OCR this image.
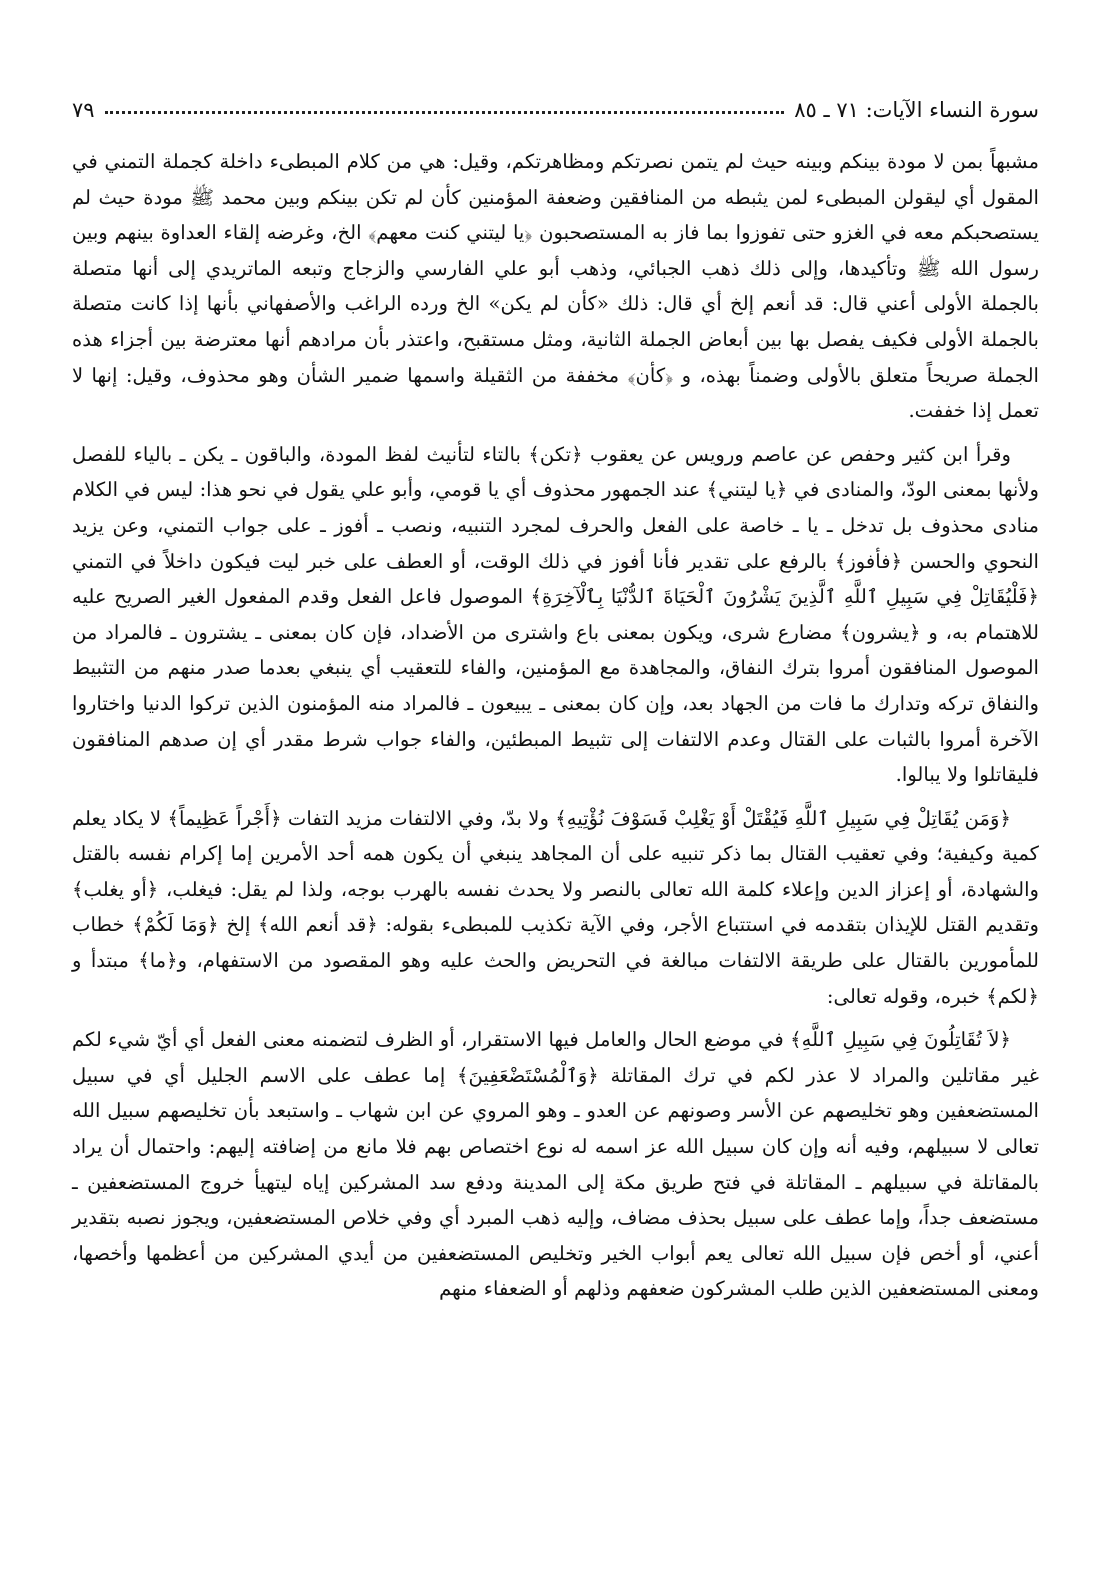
سورة النساء الآيات: ٧١ ـ ٨٥
٧٩

مشبهاً بمن لا مودة بينكم وبينه حيث لم يتمن نصرتكم ومظاهرتكم، وقيل: هي من كلام المبطىء داخلة كجملة التمني في المقول أي ليقولن المبطىء لمن يثبطه من المنافقين وضعفة المؤمنين كأن لم تكن بينكم وبين محمد ﷺ مودة حيث لم يستصحبكم معه في الغزو حتى تفوزوا بما فاز به المستصحبون ﴿يا ليتني كنت معهم﴾ الخ، وغرضه إلقاء العداوة بينهم وبين رسول الله ﷺ وتأكيدها، وإلى ذلك ذهب الجبائي، وذهب أبو علي الفارسي والزجاج وتبعه الماتريدي إلى أنها متصلة بالجملة الأولى أعني قال: قد أنعم إلخ أي قال: ذلك «كأن لم يكن» الخ ورده الراغب والأصفهاني بأنها إذا كانت متصلة بالجملة الأولى فكيف يفصل بها بين أبعاض الجملة الثانية، ومثل مستقبح، واعتذر بأن مرادهم أنها معترضة بين أجزاء هذه الجملة صريحاً متعلق بالأولى وضمناً بهذه، و ﴿كأن﴾ مخففة من الثقيلة واسمها ضمير الشأن وهو محذوف، وقيل: إنها لا تعمل إذا خففت.

وقرأ ابن كثير وحفص عن عاصم ورويس عن يعقوب ﴿تكن﴾ بالتاء لتأنيث لفظ المودة، والباقون ـ يكن ـ بالياء للفصل ولأنها بمعنى الودّ، والمنادى في ﴿يا ليتني﴾ عند الجمهور محذوف أي يا قومي، وأبو علي يقول في نحو هذا: ليس في الكلام منادى محذوف بل تدخل ـ يا ـ خاصة على الفعل والحرف لمجرد التنبيه، ونصب ـ أفوز ـ على جواب التمني، وعن يزيد النحوي والحسن ﴿فأفوز﴾ بالرفع على تقدير فأنا أفوز في ذلك الوقت، أو العطف على خبر ليت فيكون داخلاً في التمني ﴿فَلْيُقَاتِلْ فِي سَبِيلِ ٱللَّهِ ٱلَّذِينَ يَشْرُونَ ٱلْحَيَاةَ ٱلدُّنْيَا بِٱلْآخِرَةِ﴾ الموصول فاعل الفعل وقدم المفعول الغير الصريح عليه للاهتمام به، و ﴿يشرون﴾ مضارع شرى، ويكون بمعنى باع واشترى من الأضداد، فإن كان بمعنى ـ يشترون ـ فالمراد من الموصول المنافقون أمروا بترك النفاق، والمجاهدة مع المؤمنين، والفاء للتعقيب أي ينبغي بعدما صدر منهم من التثبيط والنفاق تركه وتدارك ما فات من الجهاد بعد، وإن كان بمعنى ـ يبيعون ـ فالمراد منه المؤمنون الذين تركوا الدنيا واختاروا الآخرة أمروا بالثبات على القتال وعدم الالتفات إلى تثبيط المبطئين، والفاء جواب شرط مقدر أي إن صدهم المنافقون فليقاتلوا ولا يبالوا.

﴿وَمَن يُقَاتِلْ فِي سَبِيلِ ٱللَّهِ فَيُقْتَلْ أَوْ يَغْلِبْ فَسَوْفَ نُؤْتِيهِ﴾ ولا بدّ، وفي الالتفات مزيد التفات ﴿أَجْراً عَظِيماً﴾ لا يكاد يعلم كمية وكيفية؛ وفي تعقيب القتال بما ذكر تنبيه على أن المجاهد ينبغي أن يكون همه أحد الأمرين إما إكرام نفسه بالقتل والشهادة، أو إعزاز الدين وإعلاء كلمة الله تعالى بالنصر ولا يحدث نفسه بالهرب بوجه، ولذا لم يقل: فيغلب، ﴿أو يغلب﴾ وتقديم القتل للإيذان بتقدمه في استتباع الأجر، وفي الآية تكذيب للمبطىء بقوله: ﴿قد أنعم الله﴾ إلخ ﴿وَمَا لَكُمْ﴾ خطاب للمأمورين بالقتال على طريقة الالتفات مبالغة في التحريض والحث عليه وهو المقصود من الاستفهام، و﴿ما﴾ مبتدأ و ﴿لكم﴾ خبره، وقوله تعالى:

﴿لاَ تُقَاتِلُونَ فِي سَبِيلِ ٱللَّهِ﴾ في موضع الحال والعامل فيها الاستقرار، أو الظرف لتضمنه معنى الفعل أي أيّ شيء لكم غير مقاتلين والمراد لا عذر لكم في ترك المقاتلة ﴿وَٱلْمُسْتَضْعَفِينَ﴾ إما عطف على الاسم الجليل أي في سبيل المستضعفين وهو تخليصهم عن الأسر وصونهم عن العدو ـ وهو المروي عن ابن شهاب ـ واستبعد بأن تخليصهم سبيل الله تعالى لا سبيلهم، وفيه أنه وإن كان سبيل الله عز اسمه له نوع اختصاص بهم فلا مانع من إضافته إليهم: واحتمال أن يراد بالمقاتلة في سبيلهم ـ المقاتلة في فتح طريق مكة إلى المدينة ودفع سد المشركين إياه ليتهيأ خروج المستضعفين ـ مستضعف جداً، وإما عطف على سبيل بحذف مضاف، وإليه ذهب المبرد أي وفي خلاص المستضعفين، ويجوز نصبه بتقدير أعني، أو أخص فإن سبيل الله تعالى يعم أبواب الخير وتخليص المستضعفين من أيدي المشركين من أعظمها وأخصها، ومعنى المستضعفين الذين طلب المشركون ضعفهم وذلهم أو الضعفاء منهم
